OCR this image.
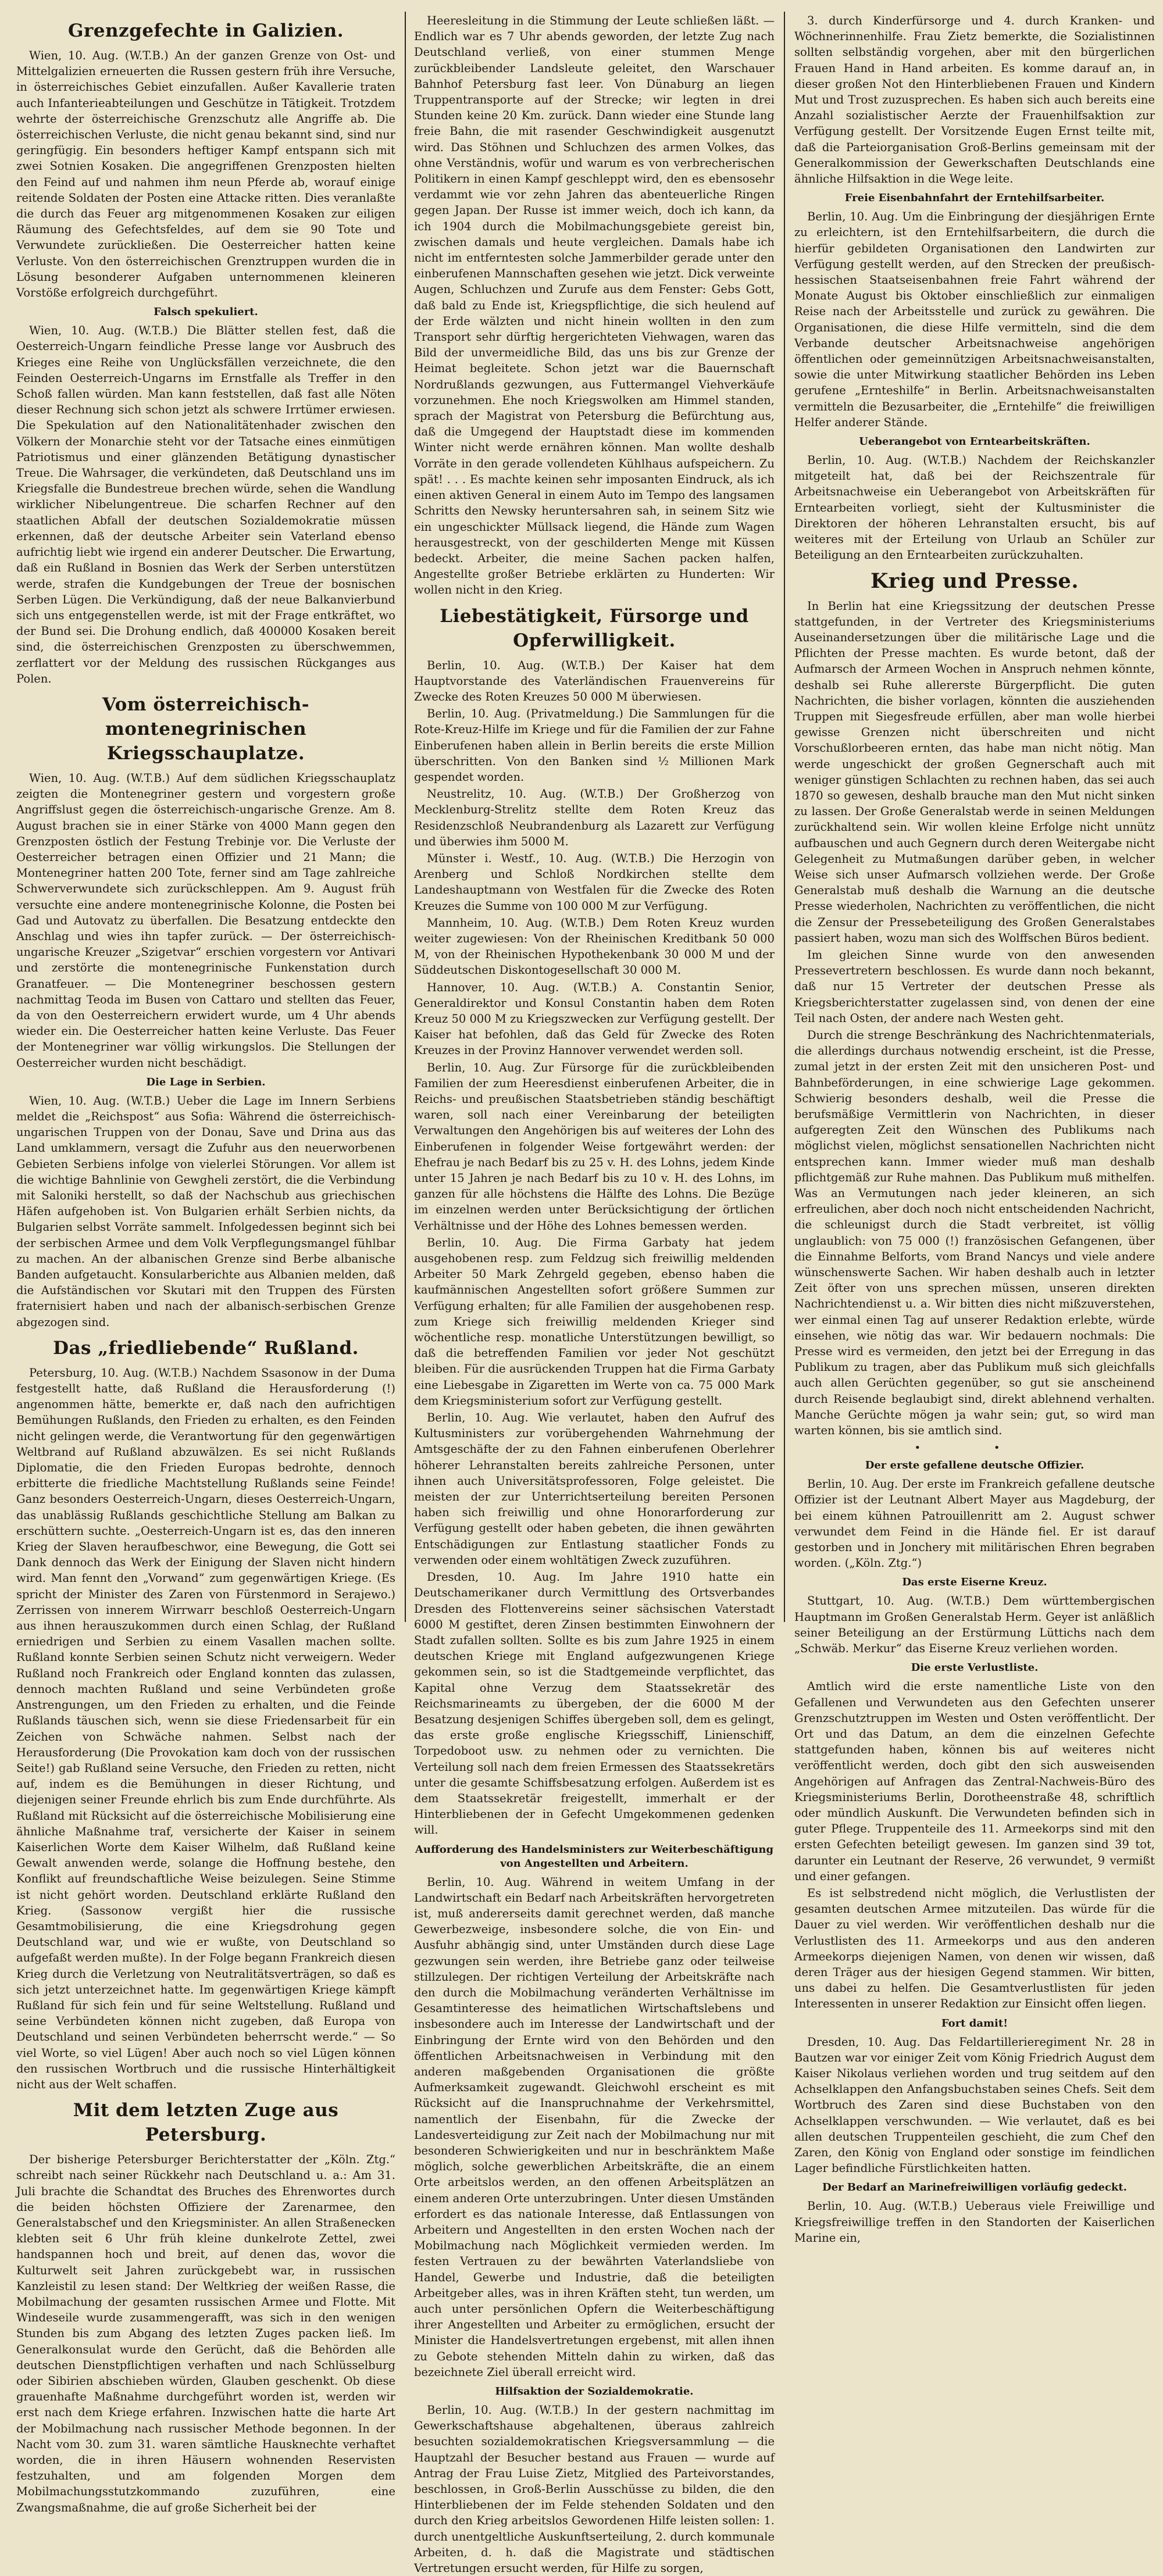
Grenzgefechte in Galizien.

Wien, 10. Aug. (W.T.B.) An der ganzen Grenze von Ost- und Mittelgalizien erneuerten die Russen gestern früh ihre Versuche, in österreichisches Gebiet einzufallen. Außer Kavallerie traten auch Infanterieabteilungen und Geschütze in Tätigkeit. Trotzdem wehrte der österreichische Grenzschutz alle Angriffe ab. Die österreichischen Verluste, die nicht genau bekannt sind, sind nur geringfügig. Ein besonders heftiger Kampf entspann sich mit zwei Sotnien Kosaken. Die angegriffenen Grenzposten hielten den Feind auf und nahmen ihm neun Pferde ab, worauf einige reitende Soldaten der Posten eine Attacke ritten. Dies veranlaßte die durch das Feuer arg mitgenommenen Kosaken zur eiligen Räumung des Gefechtsfeldes, auf dem sie 90 Tote und Verwundete zurückließen. Die Oesterreicher hatten keine Verluste. Von den österreichischen Grenztruppen wurden die in Lösung besonderer Aufgaben unternommenen kleineren Vorstöße erfolgreich durchgeführt.

Falsch spekuliert.

Wien, 10. Aug. (W.T.B.) Die Blätter stellen fest, daß die Oesterreich-Ungarn feindliche Presse lange vor Ausbruch des Krieges eine Reihe von Unglücksfällen verzeichnete, die den Feinden Oesterreich-Ungarns im Ernstfalle als Treffer in den Schoß fallen würden. Man kann feststellen, daß fast alle Nöten dieser Rechnung sich schon jetzt als schwere Irrtümer erwiesen. Die Spekulation auf den Nationalitätenhader zwischen den Völkern der Monarchie steht vor der Tatsache eines einmütigen Patriotismus und einer glänzenden Betätigung dynastischer Treue. Die Wahrsager, die verkündeten, daß Deutschland uns im Kriegsfalle die Bundestreue brechen würde, sehen die Wandlung wirklicher Nibelungentreue. Die scharfen Rechner auf den staatlichen Abfall der deutschen Sozialdemokratie müssen erkennen, daß der deutsche Arbeiter sein Vaterland ebenso aufrichtig liebt wie irgend ein anderer Deutscher. Die Erwartung, daß ein Rußland in Bosnien das Werk der Serben unterstützen werde, strafen die Kundgebungen der Treue der bosnischen Serben Lügen. Die Verkündigung, daß der neue Balkanvierbund sich uns entgegenstellen werde, ist mit der Frage entkräftet, wo der Bund sei. Die Drohung endlich, daß 400000 Kosaken bereit sind, die österreichischen Grenzposten zu überschwemmen, zerflattert vor der Meldung des russischen Rückganges aus Polen.

Vom österreichisch-montenegrinischen Kriegsschauplatze.

Wien, 10. Aug. (W.T.B.) Auf dem südlichen Kriegsschauplatz zeigten die Montenegriner gestern und vorgestern große Angriffslust gegen die österreichisch-ungarische Grenze. Am 8. August brachen sie in einer Stärke von 4000 Mann gegen den Grenzposten östlich der Festung Trebinje vor. Die Verluste der Oesterreicher betragen einen Offizier und 21 Mann; die Montenegriner hatten 200 Tote, ferner sind am Tage zahlreiche Schwerverwundete sich zurückschleppen. Am 9. August früh versuchte eine andere montenegrinische Kolonne, die Posten bei Gad und Autovatz zu überfallen. Die Besatzung entdeckte den Anschlag und wies ihn tapfer zurück. — Der österreichisch-ungarische Kreuzer „Szigetvar“ erschien vorgestern vor Antivari und zerstörte die montenegrinische Funkenstation durch Granatfeuer. — Die Montenegriner beschossen gestern nachmittag Teoda im Busen von Cattaro und stellten das Feuer, da von den Oesterreichern erwidert wurde, um 4 Uhr abends wieder ein. Die Oesterreicher hatten keine Verluste. Das Feuer der Montenegriner war völlig wirkungslos. Die Stellungen der Oesterreicher wurden nicht beschädigt.

Die Lage in Serbien.

Wien, 10. Aug. (W.T.B.) Ueber die Lage im Innern Serbiens meldet die „Reichspost“ aus Sofia: Während die österreichisch-ungarischen Truppen von der Donau, Save und Drina aus das Land umklammern, versagt die Zufuhr aus den neuerworbenen Gebieten Serbiens infolge von vielerlei Störungen. Vor allem ist die wichtige Bahnlinie von Gewgheli zerstört, die die Verbindung mit Saloniki herstellt, so daß der Nachschub aus griechischen Häfen aufgehoben ist. Von Bulgarien erhält Serbien nichts, da Bulgarien selbst Vorräte sammelt. Infolgedessen beginnt sich bei der serbischen Armee und dem Volk Verpflegungsmangel fühlbar zu machen. An der albanischen Grenze sind Berbe albanische Banden aufgetaucht. Konsularberichte aus Albanien melden, daß die Aufständischen vor Skutari mit den Truppen des Fürsten fraternisiert haben und nach der albanisch-serbischen Grenze abgezogen sind.

Das „friedliebende“ Rußland.

Petersburg, 10. Aug. (W.T.B.) Nachdem Ssasonow in der Duma festgestellt hatte, daß Rußland die Herausforderung (!) angenommen hätte, bemerkte er, daß nach den aufrichtigen Bemühungen Rußlands, den Frieden zu erhalten, es den Feinden nicht gelingen werde, die Verantwortung für den gegenwärtigen Weltbrand auf Rußland abzuwälzen. Es sei nicht Rußlands Diplomatie, die den Frieden Europas bedrohte, dennoch erbitterte die friedliche Machtstellung Rußlands seine Feinde! Ganz besonders Oesterreich-Ungarn, dieses Oesterreich-Ungarn, das unablässig Rußlands geschichtliche Stellung am Balkan zu erschüttern suchte. „Oesterreich-Ungarn ist es, das den inneren Krieg der Slaven heraufbeschwor, eine Bewegung, die Gott sei Dank dennoch das Werk der Einigung der Slaven nicht hindern wird. Man fennt den „Vorwand“ zum gegenwärtigen Kriege. (Es spricht der Minister des Zaren von Fürstenmord in Serajewo.) Zerrissen von innerem Wirrwarr beschloß Oesterreich-Ungarn aus ihnen herauszukommen durch einen Schlag, der Rußland erniedrigen und Serbien zu einem Vasallen machen sollte. Rußland konnte Serbien seinen Schutz nicht verweigern. Weder Rußland noch Frankreich oder England konnten das zulassen, dennoch machten Rußland und seine Verbündeten große Anstrengungen, um den Frieden zu erhalten, und die Feinde Rußlands täuschen sich, wenn sie diese Friedensarbeit für ein Zeichen von Schwäche nahmen. Selbst nach der Herausforderung (Die Provokation kam doch von der russischen Seite!) gab Rußland seine Versuche, den Frieden zu retten, nicht auf, indem es die Bemühungen in dieser Richtung, und diejenigen seiner Freunde ehrlich bis zum Ende durchführte. Als Rußland mit Rücksicht auf die österreichische Mobilisierung eine ähnliche Maßnahme traf, versicherte der Kaiser in seinem Kaiserlichen Worte dem Kaiser Wilhelm, daß Rußland keine Gewalt anwenden werde, solange die Hoffnung bestehe, den Konflikt auf freundschaftliche Weise beizulegen. Seine Stimme ist nicht gehört worden. Deutschland erklärte Rußland den Krieg. (Sassonow vergißt hier die russische Gesamtmobilisierung, die eine Kriegsdrohung gegen Deutschland war, und wie er wußte, von Deutschland so aufgefaßt werden mußte). In der Folge begann Frankreich diesen Krieg durch die Verletzung von Neutralitätsverträgen, so daß es sich jetzt unterzeichnet hatte. Im gegenwärtigen Kriege kämpft Rußland für sich fein und für seine Weltstellung. Rußland und seine Verbündeten können nicht zugeben, daß Europa von Deutschland und seinen Verbündeten beherrscht werde.“ — So viel Worte, so viel Lügen! Aber auch noch so viel Lügen können den russischen Wortbruch und die russische Hinterhältigkeit nicht aus der Welt schaffen.

Mit dem letzten Zuge aus Petersburg.

Der bisherige Petersburger Berichterstatter der „Köln. Ztg.“ schreibt nach seiner Rückkehr nach Deutschland u. a.: Am 31. Juli brachte die Schandtat des Bruches des Ehrenwortes durch die beiden höchsten Offiziere der Zarenarmee, den Generalstabschef und den Kriegsminister. An allen Straßenecken klebten seit 6 Uhr früh kleine dunkelrote Zettel, zwei handspannen hoch und breit, auf denen das, wovor die Kulturwelt seit Jahren zurückgebebt war, in russischen Kanzleistil zu lesen stand: Der Weltkrieg der weißen Rasse, die Mobilmachung der gesamten russischen Armee und Flotte. Mit Windeseile wurde zusammengerafft, was sich in den wenigen Stunden bis zum Abgang des letzten Zuges packen ließ. Im Generalkonsulat wurde den Gerücht, daß die Behörden alle deutschen Dienstpflichtigen verhaften und nach Schlüsselburg oder Sibirien abschieben würden, Glauben geschenkt. Ob diese grauenhafte Maßnahme durchgeführt worden ist, werden wir erst nach dem Kriege erfahren. Inzwischen hatte die harte Art der Mobilmachung nach russischer Methode begonnen. In der Nacht vom 30. zum 31. waren sämtliche Hausknechte verhaftet worden, die in ihren Häusern wohnenden Reservisten festzuhalten, und am folgenden Morgen dem Mobilmachungsstutzkommando zuzuführen, eine Zwangsmaßnahme, die auf große Sicherheit bei der

Heeresleitung in die Stimmung der Leute schließen läßt. — Endlich war es 7 Uhr abends geworden, der letzte Zug nach Deutschland verließ, von einer stummen Menge zurückbleibender Landsleute geleitet, den Warschauer Bahnhof Petersburg fast leer. Von Dünaburg an liegen Truppentransporte auf der Strecke; wir legten in drei Stunden keine 20 Km. zurück. Dann wieder eine Stunde lang freie Bahn, die mit rasender Geschwindigkeit ausgenutzt wird. Das Stöhnen und Schluchzen des armen Volkes, das ohne Verständnis, wofür und warum es von verbrecherischen Politikern in einen Kampf geschleppt wird, den es ebensosehr verdammt wie vor zehn Jahren das abenteuerliche Ringen gegen Japan. Der Russe ist immer weich, doch ich kann, da ich 1904 durch die Mobilmachungsgebiete gereist bin, zwischen damals und heute vergleichen. Damals habe ich nicht im entferntesten solche Jammerbilder gerade unter den einberufenen Mannschaften gesehen wie jetzt. Dick verweinte Augen, Schluchzen und Zurufe aus dem Fenster: Gebs Gott, daß bald zu Ende ist, Kriegspflichtige, die sich heulend auf der Erde wälzten und nicht hinein wollten in den zum Transport sehr dürftig hergerichteten Viehwagen, waren das Bild der unvermeidliche Bild, das uns bis zur Grenze der Heimat begleitete. Schon jetzt war die Bauernschaft Nordrußlands gezwungen, aus Futtermangel Viehverkäufe vorzunehmen. Ehe noch Kriegswolken am Himmel standen, sprach der Magistrat von Petersburg die Befürchtung aus, daß die Umgegend der Hauptstadt diese im kommenden Winter nicht werde ernähren können. Man wollte deshalb Vorräte in den gerade vollendeten Kühlhaus aufspeichern. Zu spät! . . . Es machte keinen sehr imposanten Eindruck, als ich einen aktiven General in einem Auto im Tempo des langsamen Schritts den Newsky heruntersahren sah, in seinem Sitz wie ein ungeschickter Müllsack liegend, die Hände zum Wagen herausgestreckt, von der geschilderten Menge mit Küssen bedeckt. Arbeiter, die meine Sachen packen halfen, Angestellte großer Betriebe erklärten zu Hunderten: Wir wollen nicht in den Krieg.

Liebestätigkeit, Fürsorge und Opferwilligkeit.

Berlin, 10. Aug. (W.T.B.) Der Kaiser hat dem Hauptvorstande des Vaterländischen Frauenvereins für Zwecke des Roten Kreuzes 50 000 M überwiesen.

Berlin, 10. Aug. (Privatmeldung.) Die Sammlungen für die Rote-Kreuz-Hilfe im Kriege und für die Familien der zur Fahne Einberufenen haben allein in Berlin bereits die erste Million überschritten. Von den Banken sind ½ Millionen Mark gespendet worden.

Neustrelitz, 10. Aug. (W.T.B.) Der Großherzog von Mecklenburg-Strelitz stellte dem Roten Kreuz das Residenzschloß Neubrandenburg als Lazarett zur Verfügung und überwies ihm 5000 M.

Münster i. Westf., 10. Aug. (W.T.B.) Die Herzogin von Arenberg und Schloß Nordkirchen stellte dem Landeshauptmann von Westfalen für die Zwecke des Roten Kreuzes die Summe von 100 000 M zur Verfügung.

Mannheim, 10. Aug. (W.T.B.) Dem Roten Kreuz wurden weiter zugewiesen: Von der Rheinischen Kreditbank 50 000 M, von der Rheinischen Hypothekenbank 30 000 M und der Süddeutschen Diskontogesellschaft 30 000 M.

Hannover, 10. Aug. (W.T.B.) A. Constantin Senior, Generaldirektor und Konsul Constantin haben dem Roten Kreuz 50 000 M zu Kriegszwecken zur Verfügung gestellt. Der Kaiser hat befohlen, daß das Geld für Zwecke des Roten Kreuzes in der Provinz Hannover verwendet werden soll.

Berlin, 10. Aug. Zur Fürsorge für die zurückbleibenden Familien der zum Heeresdienst einberufenen Arbeiter, die in Reichs- und preußischen Staatsbetrieben ständig beschäftigt waren, soll nach einer Vereinbarung der beteiligten Verwaltungen den Angehörigen bis auf weiteres der Lohn des Einberufenen in folgender Weise fortgewährt werden: der Ehefrau je nach Bedarf bis zu 25 v. H. des Lohns, jedem Kinde unter 15 Jahren je nach Bedarf bis zu 10 v. H. des Lohns, im ganzen für alle höchstens die Hälfte des Lohns. Die Bezüge im einzelnen werden unter Berücksichtigung der örtlichen Verhältnisse und der Höhe des Lohnes bemessen werden.

Berlin, 10. Aug. Die Firma Garbaty hat jedem ausgehobenen resp. zum Feldzug sich freiwillig meldenden Arbeiter 50 Mark Zehrgeld gegeben, ebenso haben die kaufmännischen Angestellten sofort größere Summen zur Verfügung erhalten; für alle Familien der ausgehobenen resp. zum Kriege sich freiwillig meldenden Krieger sind wöchentliche resp. monatliche Unterstützungen bewilligt, so daß die betreffenden Familien vor jeder Not geschützt bleiben. Für die ausrückenden Truppen hat die Firma Garbaty eine Liebesgabe in Zigaretten im Werte von ca. 75 000 Mark dem Kriegsministerium sofort zur Verfügung gestellt.

Berlin, 10. Aug. Wie verlautet, haben den Aufruf des Kultusministers zur vorübergehenden Wahrnehmung der Amtsgeschäfte der zu den Fahnen einberufenen Oberlehrer höherer Lehranstalten bereits zahlreiche Personen, unter ihnen auch Universitätsprofessoren, Folge geleistet. Die meisten der zur Unterrichtserteilung bereiten Personen haben sich freiwillig und ohne Honorarforderung zur Verfügung gestellt oder haben gebeten, die ihnen gewährten Entschädigungen zur Entlastung staatlicher Fonds zu verwenden oder einem wohltätigen Zweck zuzuführen.

Dresden, 10. Aug. Im Jahre 1910 hatte ein Deutschamerikaner durch Vermittlung des Ortsverbandes Dresden des Flottenvereins seiner sächsischen Vaterstadt 6000 M gestiftet, deren Zinsen bestimmten Einwohnern der Stadt zufallen sollten. Sollte es bis zum Jahre 1925 in einem deutschen Kriege mit England aufgezwungenen Kriege gekommen sein, so ist die Stadtgemeinde verpflichtet, das Kapital ohne Verzug dem Staatssekretär des Reichsmarineamts zu übergeben, der die 6000 M der Besatzung desjenigen Schiffes übergeben soll, dem es gelingt, das erste große englische Kriegsschiff, Linienschiff, Torpedoboot usw. zu nehmen oder zu vernichten. Die Verteilung soll nach dem freien Ermessen des Staatssekretärs unter die gesamte Schiffsbesatzung erfolgen. Außerdem ist es dem Staatssekretär freigestellt, immerhalt er der Hinterbliebenen der in Gefecht Umgekommenen gedenken will.

Aufforderung des Handelsministers zur Weiterbeschäftigung von Angestellten und Arbeitern.

Berlin, 10. Aug. Während in weitem Umfang in der Landwirtschaft ein Bedarf nach Arbeitskräften hervorgetreten ist, muß andererseits damit gerechnet werden, daß manche Gewerbezweige, insbesondere solche, die von Ein- und Ausfuhr abhängig sind, unter Umständen durch diese Lage gezwungen sein werden, ihre Betriebe ganz oder teilweise stillzulegen. Der richtigen Verteilung der Arbeitskräfte nach den durch die Mobilmachung veränderten Verhältnisse im Gesamtinteresse des heimatlichen Wirtschaftslebens und insbesondere auch im Interesse der Landwirtschaft und der Einbringung der Ernte wird von den Behörden und den öffentlichen Arbeitsnachweisen in Verbindung mit den anderen maßgebenden Organisationen die größte Aufmerksamkeit zugewandt. Gleichwohl erscheint es mit Rücksicht auf die Inanspruchnahme der Verkehrsmittel, namentlich der Eisenbahn, für die Zwecke der Landesverteidigung zur Zeit nach der Mobilmachung nur mit besonderen Schwierigkeiten und nur in beschränktem Maße möglich, solche gewerblichen Arbeitskräfte, die an einem Orte arbeitslos werden, an den offenen Arbeitsplätzen an einem anderen Orte unterzubringen. Unter diesen Umständen erfordert es das nationale Interesse, daß Entlassungen von Arbeitern und Angestellten in den ersten Wochen nach der Mobilmachung nach Möglichkeit vermieden werden. Im festen Vertrauen zu der bewährten Vaterlandsliebe von Handel, Gewerbe und Industrie, daß die beteiligten Arbeitgeber alles, was in ihren Kräften steht, tun werden, um auch unter persönlichen Opfern die Weiterbeschäftigung ihrer Angestellten und Arbeiter zu ermöglichen, ersucht der Minister die Handelsvertretungen ergebenst, mit allen ihnen zu Gebote stehenden Mitteln dahin zu wirken, daß das bezeichnete Ziel überall erreicht wird.

Hilfsaktion der Sozialdemokratie.

Berlin, 10. Aug. (W.T.B.) In der gestern nachmittag im Gewerkschaftshause abgehaltenen, überaus zahlreich besuchten sozialdemokratischen Kriegsversammlung — die Hauptzahl der Besucher bestand aus Frauen — wurde auf Antrag der Frau Luise Zietz, Mitglied des Parteivorstandes, beschlossen, in Groß-Berlin Ausschüsse zu bilden, die den Hinterbliebenen der im Felde stehenden Soldaten und den durch den Krieg arbeitslos Gewordenen Hilfe leisten sollen: 1. durch unentgeltliche Auskunftserteilung, 2. durch kommunale Arbeiten, d. h. daß die Magistrate und städtischen Vertretungen ersucht werden, für Hilfe zu sorgen,

3. durch Kinderfürsorge und 4. durch Kranken- und Wöchnerinnenhilfe. Frau Zietz bemerkte, die Sozialistinnen sollten selbständig vorgehen, aber mit den bürgerlichen Frauen Hand in Hand arbeiten. Es komme darauf an, in dieser großen Not den Hinterbliebenen Frauen und Kindern Mut und Trost zuzusprechen. Es haben sich auch bereits eine Anzahl sozialistischer Aerzte der Frauenhilfsaktion zur Verfügung gestellt. Der Vorsitzende Eugen Ernst teilte mit, daß die Parteiorganisation Groß-Berlins gemeinsam mit der Generalkommission der Gewerkschaften Deutschlands eine ähnliche Hilfsaktion in die Wege leite.

Freie Eisenbahnfahrt der Erntehilfsarbeiter.

Berlin, 10. Aug. Um die Einbringung der diesjährigen Ernte zu erleichtern, ist den Erntehilfsarbeitern, die durch die hierfür gebildeten Organisationen den Landwirten zur Verfügung gestellt werden, auf den Strecken der preußisch-hessischen Staatseisenbahnen freie Fahrt während der Monate August bis Oktober einschließlich zur einmaligen Reise nach der Arbeitsstelle und zurück zu gewähren. Die Organisationen, die diese Hilfe vermitteln, sind die dem Verbande deutscher Arbeitsnachweise angehörigen öffentlichen oder gemeinnützigen Arbeitsnachweisanstalten, sowie die unter Mitwirkung staatlicher Behörden ins Leben gerufene „Ernteshilfe“ in Berlin. Arbeitsnachweisanstalten vermitteln die Bezusarbeiter, die „Erntehilfe“ die freiwilligen Helfer anderer Stände.

Ueberangebot von Erntearbeitskräften.

Berlin, 10. Aug. (W.T.B.) Nachdem der Reichskanzler mitgeteilt hat, daß bei der Reichszentrale für Arbeitsnachweise ein Ueberangebot von Arbeitskräften für Erntearbeiten vorliegt, sieht der Kultusminister die Direktoren der höheren Lehranstalten ersucht, bis auf weiteres mit der Erteilung von Urlaub an Schüler zur Beteiligung an den Erntearbeiten zurückzuhalten.

Krieg und Presse.

In Berlin hat eine Kriegssitzung der deutschen Presse stattgefunden, in der Vertreter des Kriegsministeriums Auseinandersetzungen über die militärische Lage und die Pflichten der Presse machten. Es wurde betont, daß der Aufmarsch der Armeen Wochen in Anspruch nehmen könnte, deshalb sei Ruhe allererste Bürgerpflicht. Die guten Nachrichten, die bisher vorlagen, könnten die ausziehenden Truppen mit Siegesfreude erfüllen, aber man wolle hierbei gewisse Grenzen nicht überschreiten und nicht Vorschußlorbeeren ernten, das habe man nicht nötig. Man werde ungeschickt der großen Gegnerschaft auch mit weniger günstigen Schlachten zu rechnen haben, das sei auch 1870 so gewesen, deshalb brauche man den Mut nicht sinken zu lassen. Der Große Generalstab werde in seinen Meldungen zurückhaltend sein. Wir wollen kleine Erfolge nicht unnütz aufbauschen und auch Gegnern durch deren Weitergabe nicht Gelegenheit zu Mutmaßungen darüber geben, in welcher Weise sich unser Aufmarsch vollziehen werde. Der Große Generalstab muß deshalb die Warnung an die deutsche Presse wiederholen, Nachrichten zu veröffentlichen, die nicht die Zensur der Pressebeteiligung des Großen Generalstabes passiert haben, wozu man sich des Wolffschen Büros bedient.

Im gleichen Sinne wurde von den anwesenden Pressevertretern beschlossen. Es wurde dann noch bekannt, daß nur 15 Vertreter der deutschen Presse als Kriegsberichterstatter zugelassen sind, von denen der eine Teil nach Osten, der andere nach Westen geht.

Durch die strenge Beschränkung des Nachrichtenmaterials, die allerdings durchaus notwendig erscheint, ist die Presse, zumal jetzt in der ersten Zeit mit den unsicheren Post- und Bahnbeförderungen, in eine schwierige Lage gekommen. Schwierig besonders deshalb, weil die Presse die berufsmäßige Vermittlerin von Nachrichten, in dieser aufgeregten Zeit den Wünschen des Publikums nach möglichst vielen, möglichst sensationellen Nachrichten nicht entsprechen kann. Immer wieder muß man deshalb pflichtgemäß zur Ruhe mahnen. Das Publikum muß mithelfen. Was an Vermutungen nach jeder kleineren, an sich erfreulichen, aber doch noch nicht entscheidenden Nachricht, die schleunigst durch die Stadt verbreitet, ist völlig unglaublich: von 75 000 (!) französischen Gefangenen, über die Einnahme Belforts, vom Brand Nancys und viele andere wünschenswerte Sachen. Wir haben deshalb auch in letzter Zeit öfter von uns sprechen müssen, unseren direkten Nachrichtendienst u. a. Wir bitten dies nicht mißzuverstehen, wer einmal einen Tag auf unserer Redaktion erlebte, würde einsehen, wie nötig das war. Wir bedauern nochmals: Die Presse wird es vermeiden, den jetzt bei der Erregung in das Publikum zu tragen, aber das Publikum muß sich gleichfalls auch allen Gerüchten gegenüber, so gut sie anscheinend durch Reisende beglaubigt sind, direkt ablehnend verhalten. Manche Gerüchte mögen ja wahr sein; gut, so wird man warten können, bis sie amtlich sind.

• •
Der erste gefallene deutsche Offizier.

Berlin, 10. Aug. Der erste im Frankreich gefallene deutsche Offizier ist der Leutnant Albert Mayer aus Magdeburg, der bei einem kühnen Patrouillenritt am 2. August schwer verwundet dem Feind in die Hände fiel. Er ist darauf gestorben und in Jonchery mit militärischen Ehren begraben worden. („Köln. Ztg.“)

Das erste Eiserne Kreuz.

Stuttgart, 10. Aug. (W.T.B.) Dem württembergischen Hauptmann im Großen Generalstab Herm. Geyer ist anläßlich seiner Beteiligung an der Erstürmung Lüttichs nach dem „Schwäb. Merkur“ das Eiserne Kreuz verliehen worden.

Die erste Verlustliste.

Amtlich wird die erste namentliche Liste von den Gefallenen und Verwundeten aus den Gefechten unserer Grenzschutztruppen im Westen und Osten veröffentlicht. Der Ort und das Datum, an dem die einzelnen Gefechte stattgefunden haben, können bis auf weiteres nicht veröffentlicht werden, doch gibt den sich ausweisenden Angehörigen auf Anfragen das Zentral-Nachweis-Büro des Kriegsministeriums Berlin, Dorotheenstraße 48, schriftlich oder mündlich Auskunft. Die Verwundeten befinden sich in guter Pflege. Truppenteile des 11. Armeekorps sind mit den ersten Gefechten beteiligt gewesen. Im ganzen sind 39 tot, darunter ein Leutnant der Reserve, 26 verwundet, 9 vermißt und einer gefangen.

Es ist selbstredend nicht möglich, die Verlustlisten der gesamten deutschen Armee mitzuteilen. Das würde für die Dauer zu viel werden. Wir veröffentlichen deshalb nur die Verlustlisten des 11. Armeekorps und aus den anderen Armeekorps diejenigen Namen, von denen wir wissen, daß deren Träger aus der hiesigen Gegend stammen. Wir bitten, uns dabei zu helfen. Die Gesamtverlustlisten für jeden Interessenten in unserer Redaktion zur Einsicht offen liegen.

Fort damit!

Dresden, 10. Aug. Das Feldartillerieregiment Nr. 28 in Bautzen war vor einiger Zeit vom König Friedrich August dem Kaiser Nikolaus verliehen worden und trug seitdem auf den Achselklappen den Anfangsbuchstaben seines Chefs. Seit dem Wortbruch des Zaren sind diese Buchstaben von den Achselklappen verschwunden. — Wie verlautet, daß es bei allen deutschen Truppenteilen geschieht, die zum Chef den Zaren, den König von England oder sonstige im feindlichen Lager befindliche Fürstlichkeiten hatten.

Der Bedarf an Marinefreiwilligen vorläufig gedeckt.

Berlin, 10. Aug. (W.T.B.) Ueberaus viele Freiwillige und Kriegsfreiwillige treffen in den Standorten der Kaiserlichen Marine ein,
